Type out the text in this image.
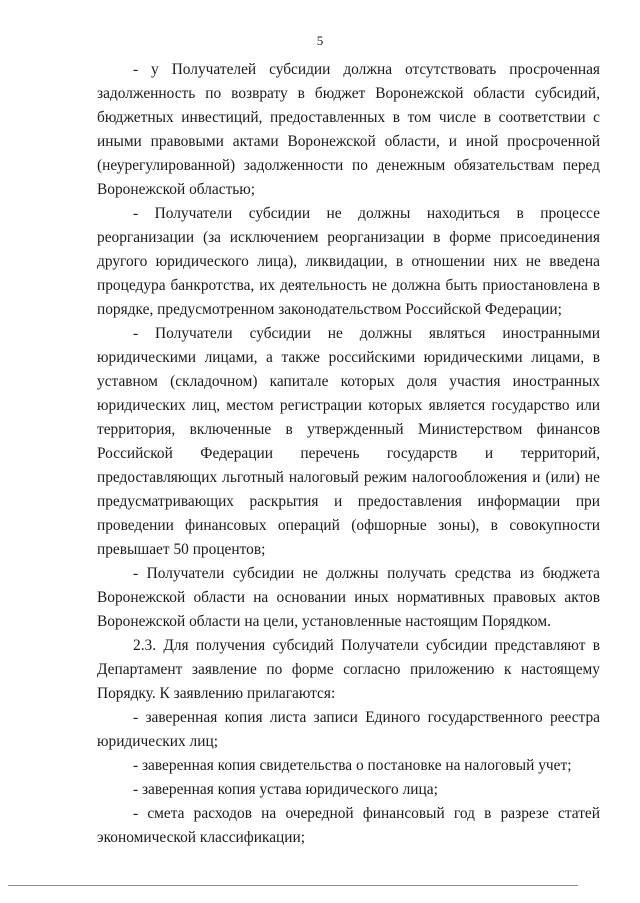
5

- у Получателей субсидии должна отсутствовать просроченная задолженность по возврату в бюджет Воронежской области субсидий, бюджетных инвестиций, предоставленных в том числе в соответствии с иными правовыми актами Воронежской области, и иной просроченной (неурегулированной) задолженности по денежным обязательствам перед Воронежской областью;

- Получатели субсидии не должны находиться в процессе реорганизации (за исключением реорганизации в форме присоединения другого юридического лица), ликвидации, в отношении них не введена процедура банкротства, их деятельность не должна быть приостановлена в порядке, предусмотренном законодательством Российской Федерации;

- Получатели субсидии не должны являться иностранными юридическими лицами, а также российскими юридическими лицами, в уставном (складочном) капитале которых доля участия иностранных юридических лиц, местом регистрации которых является государство или территория, включенные в утвержденный Министерством финансов Российской Федерации перечень государств и территорий, предоставляющих льготный налоговый режим налогообложения и (или) не предусматривающих раскрытия и предоставления информации при проведении финансовых операций (офшорные зоны), в совокупности превышает 50 процентов;

- Получатели субсидии не должны получать средства из бюджета Воронежской области на основании иных нормативных правовых актов Воронежской области на цели, установленные настоящим Порядком.

2.3. Для получения субсидий Получатели субсидии представляют в Департамент заявление по форме согласно приложению к настоящему Порядку. К заявлению прилагаются:

- заверенная копия листа записи Единого государственного реестра юридических лиц;

- заверенная копия свидетельства о постановке на налоговый учет;

- заверенная копия устава юридического лица;

- смета расходов на очередной финансовый год в разрезе статей экономической классификации;
